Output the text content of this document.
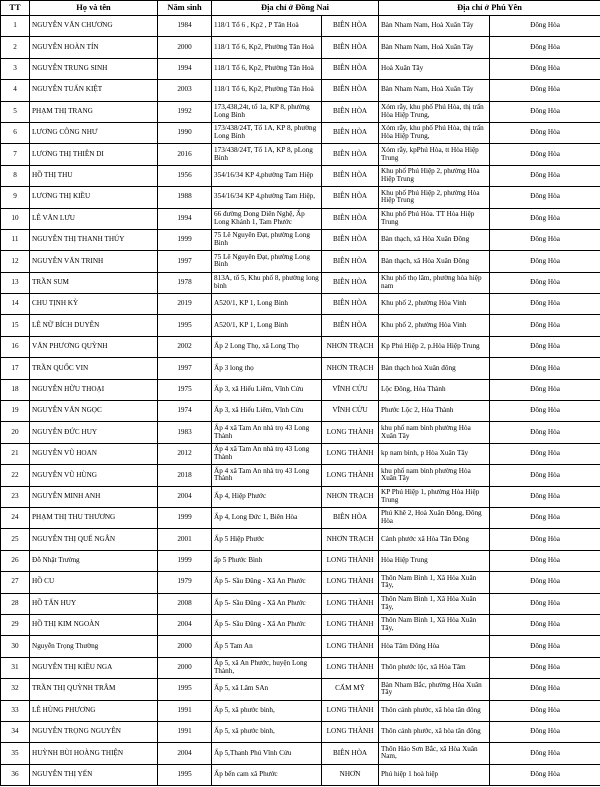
TT	Họ và tên	Năm sinh	Địa chỉ ở Đồng Nai		Địa chỉ ở Phú Yên	
1	NGUYỄN VĂN CHƯƠNG	1984	118/1 Tổ 6 , Kp2 , P Tân Hoà	BIÊN HÒA	Bàn Nham Nam, Hoà Xuân Tây	Đông Hòa
2	NGUYỄN HOÀN TÍN	2000	118/1 Tổ 6, Kp2, Phường Tân Hoà	BIÊN HÒA	Bàn Nham Nam, Hoà Xuân Tây	Đông Hòa
3	NGUYỄN TRUNG SINH	1994	118/1 Tổ 6, Kp2, Phường Tân Hoà	BIÊN HÒA	Hoà Xuân Tây	Đông Hòa
4	NGUYỄN TUẤN KIỆT	2003	118/1 Tổ 6, Kp2, Phường Tân Hoà	BIÊN HÒA	Bàn Nham Nam, Hoà Xuân Tây	Đông Hòa
5	PHẠM THỊ TRANG	1992	173,438,24t, tổ 1a, KP 8, phường Long Bình	BIÊN HÒA	Xóm rẫy, khu phố Phú Hòa, thị trấn Hòa Hiệp Trung,	Đông Hòa
6	LƯƠNG CÔNG NHƯ	1990	173/438/24T, Tổ 1A, KP 8, phường Long Bình	BIÊN HÒA	Xóm rẫy, khu phố Phú Hòa, thị trấn Hòa Hiệp Trung,	Đông Hòa
7	LƯƠNG THỊ THIÊN DI	2016	173/438/24T, Tổ 1A, KP 8, pLong Bình	BIÊN HÒA	Xóm rẫy, kpPhú Hòa, tt Hòa Hiệp Trung	Đông Hòa
8	HỒ THỊ THU	1956	354/16/34 KP 4,phường Tam Hiệp	BIÊN HÒA	Khu phố Phú Hiệp 2, phường Hòa Hiệp Trung	Đông Hòa
9	LƯƠNG THỊ KIỀU	1988	354/16/34 KP 4,phường Tam Hiệp,	BIÊN HÒA	Khu phố Phú Hiệp 2, phường Hòa Hiệp Trung	Đông Hòa
10	LÊ VĂN LƯU	1994	66 đường Dong Diên Nghệ, Ấp Long Khánh 1, Tam Phước	BIÊN HÒA	Khu phố Phú Hòa. TT Hòa Hiệp Trung	Đông Hòa
11	NGUYỄN THỊ THANH THÚY	1999	75 Lê Nguyên Đạt, phường Long Bình	BIÊN HÒA	Bàn thạch, xã Hòa Xuân Đông	Đông Hòa
12	NGUYỄN VĂN TRINH	1997	75 Lê Nguyên Đạt, phường Long Bình	BIÊN HÒA	Bàn thạch, xã Hòa Xuân Đông	Đông Hòa
13	TRẦN SUM	1978	813A, tổ 5, Khu phố 8, phường long bình	BIÊN HÒA	Khu phố thọ lâm, phường hòa hiệp nam	Đông Hòa
14	CHU TỊNH KỲ	2019	A520/1, KP 1, Long Bình	BIÊN HÒA	Khu phố 2, phường Hòa Vinh	Đông Hòa
15	LÊ NỮ BÍCH DUYÊN	1995	A520/1, KP 1, Long Bình	BIÊN HÒA	Khu phố 2, phường Hòa Vinh	Đông Hòa
16	VĂN PHƯƠNG QUỲNH	2002	Ấp 2 Long Thọ, xã Long Thọ	NHƠN TRẠCH	Kp Phú Hiệp 2, p.Hòa Hiệp Trung	Đông Hòa
17	TRẦN QUỐC VIN	1997	Ấp 3 long thọ	NHƠN TRẠCH	Bàn thạch hoà Xuân đông	Đông Hòa
18	NGUYỄN HỮU THOẠI	1975	Ấp 3, xã Hiếu Liêm, Vĩnh Cửu	VĨNH CỬU	Lộc Đông, Hòa Thành	Đông Hòa
19	NGUYỄN VĂN NGỌC	1974	Ấp 3, xã Hiếu Liêm, Vĩnh Cửu	VĨNH CỬU	Phước Lộc 2, Hòa Thành	Đông Hòa
20	NGUYỄN ĐỨC HUY	1983	Ấp 4 xã Tam An nhà trọ 43 Long Thành	LONG THÀNH	khu phố nam bình phường Hòa Xuân Tây	Đông Hòa
21	NGUYỄN VŨ HOAN	2012	Ấp 4 xã Tam An nhà trọ 43 Long Thành	LONG THÀNH	kp nam bình, p Hòa Xuân Tây	Đông Hòa
22	NGUYỄN VŨ HÙNG	2018	Ấp 4 xã Tam An nhà trọ 43 Long Thành	LONG THÀNH	khu phố nam bình phường Hòa Xuân Tây	Đông Hòa
23	NGUYỄN MINH ANH	2004	Ấp 4, Hiệp Phước	NHƠN TRẠCH	KP Phú Hiệp 1, phường Hòa Hiệp Trung	Đông Hòa
24	PHẠM THỊ THU THƯƠNG	1999	Ấp 4, Long Đức 1, Biên Hòa	BIÊN HÒA	Phú Khê 2, Hoà Xuân Đông, Đông Hòa	Đông Hòa
25	NGUYỄN THỊ QUẾ NGÂN	2001	Ấp 5 Hiệp Phước	NHƠN TRẠCH	Cảnh phước xã Hòa Tân Đông	Đông Hòa
26	Đỗ Nhật Trường	1999	ấp 5 Phước Bình	LONG THÀNH	Hòa Hiệp Trung	Đông Hòa
27	HỒ CU	1979	Ấp 5- Sầu Đũng - Xã An Phước	LONG THÀNH	Thôn Nam Bình 1, Xã Hòa Xuân Tây,	Đông Hòa
28	HỒ TẤN HUY	2008	Ấp 5- Sầu Đũng - Xã An Phước	LONG THÀNH	Thôn Nam Bình 1, Xã Hòa Xuân Tây,	Đông Hòa
29	HỒ THỊ KIM NGOÀN	2004	Ấp 5- Sầu Đũng - Xã An Phước	LONG THÀNH	Thôn Nam Bình 1, Xã Hòa Xuân Tây,	Đông Hòa
30	Nguyễn Trọng Thường	2000	Ấp 5 Tam An	LONG THÀNH	Hòa Tâm Đông Hòa	Đông Hòa
31	NGUYỄN THỊ KIỀU NGA	2000	Ấp 5, xã An Phước, huyện Long Thành,	LONG THÀNH	Thôn phước lộc, xã Hòa Tâm	Đông Hòa
32	TRẦN THỊ QUỲNH TRÂM	1995	Ấp 5, xã Lâm SAn	CẨM MỸ	Bàn Nham Bắc, phường Hòa Xuân Tây	Đông Hòa
33	LÊ HÙNG PHƯƠNG	1991	Ấp 5, xã phước bình,	LONG THÀNH	Thôn cảnh phước, xã hòa tân đông	Đông Hòa
34	NGUYỄN TRỌNG NGUYÊN	1991	Ấp 5, xã phước bình,	LONG THÀNH	Thôn cảnh phước, xã hòa tân đông	Đông Hòa
35	HUỲNH BÙI HOÀNG THIỆN	2004	Ấp 5,Thanh Phú Vĩnh Cửu	BIÊN HÒA	Thôn Hảo Sơn Bắc, xã Hòa Xuân Nam,	Đông Hòa
36	NGUYỄN THỊ YẾN	1995	Ấp bến cam xã Phước	NHƠN	Phú hiệp 1 hoà hiệp	Đông Hòa
